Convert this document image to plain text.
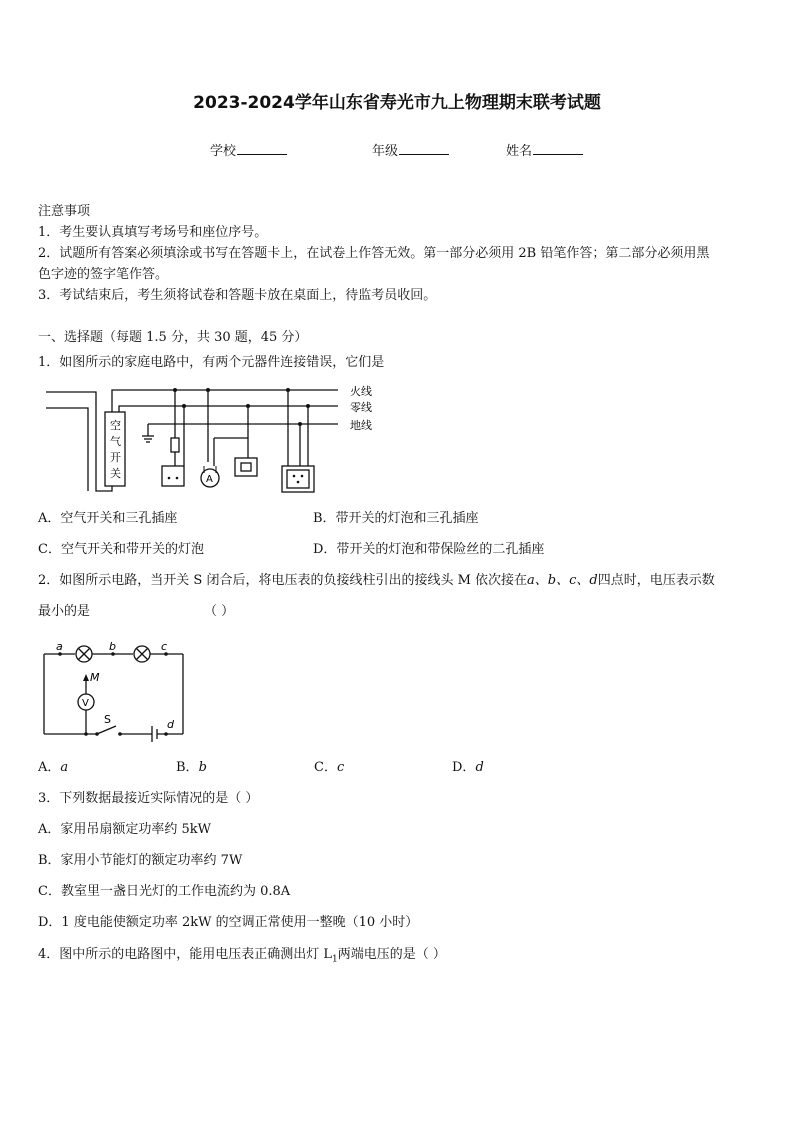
2023-2024学年山东省寿光市九上物理期末联考试题
学校	年级	姓名
注意事项
1．考生要认真填写考场号和座位序号。
2．试题所有答案必须填涂或书写在答题卡上，在试卷上作答无效。第一部分必须用 2B 铅笔作答；第二部分必须用黑
色字迹的签字笔作答。
3．考试结束后，考生须将试卷和答题卡放在桌面上，待监考员收回。
一、选择题（每题 1.5 分，共 30 题，45 分）
1．如图所示的家庭电路中，有两个元器件连接错误，它们是
火线
零线
地线
空
气
开
关	A
A．空气开关和三孔插座	B．带开关的灯泡和三孔插座
C．空气开关和带开关的灯泡	D．带开关的灯泡和带保险丝的二孔插座
2．如图所示电路，当开关 S 闭合后，将电压表的负接线柱引出的接线头 M 依次接在a、b、c、d四点时，电压表示数
最小的是	（ ）
a	b	c
d
M
V
S
A．a	B．b	C．c	D．d
3．下列数据最接近实际情况的是（ ）
A．家用吊扇额定功率约 5kW
B．家用小节能灯的额定功率约 7W
C．教室里一盏日光灯的工作电流约为 0.8A
D．1 度电能使额定功率 2kW 的空调正常使用一整晚（10 小时）
4．图中所示的电路图中，能用电压表正确测出灯 $L_1$两端电压的是（ ）
